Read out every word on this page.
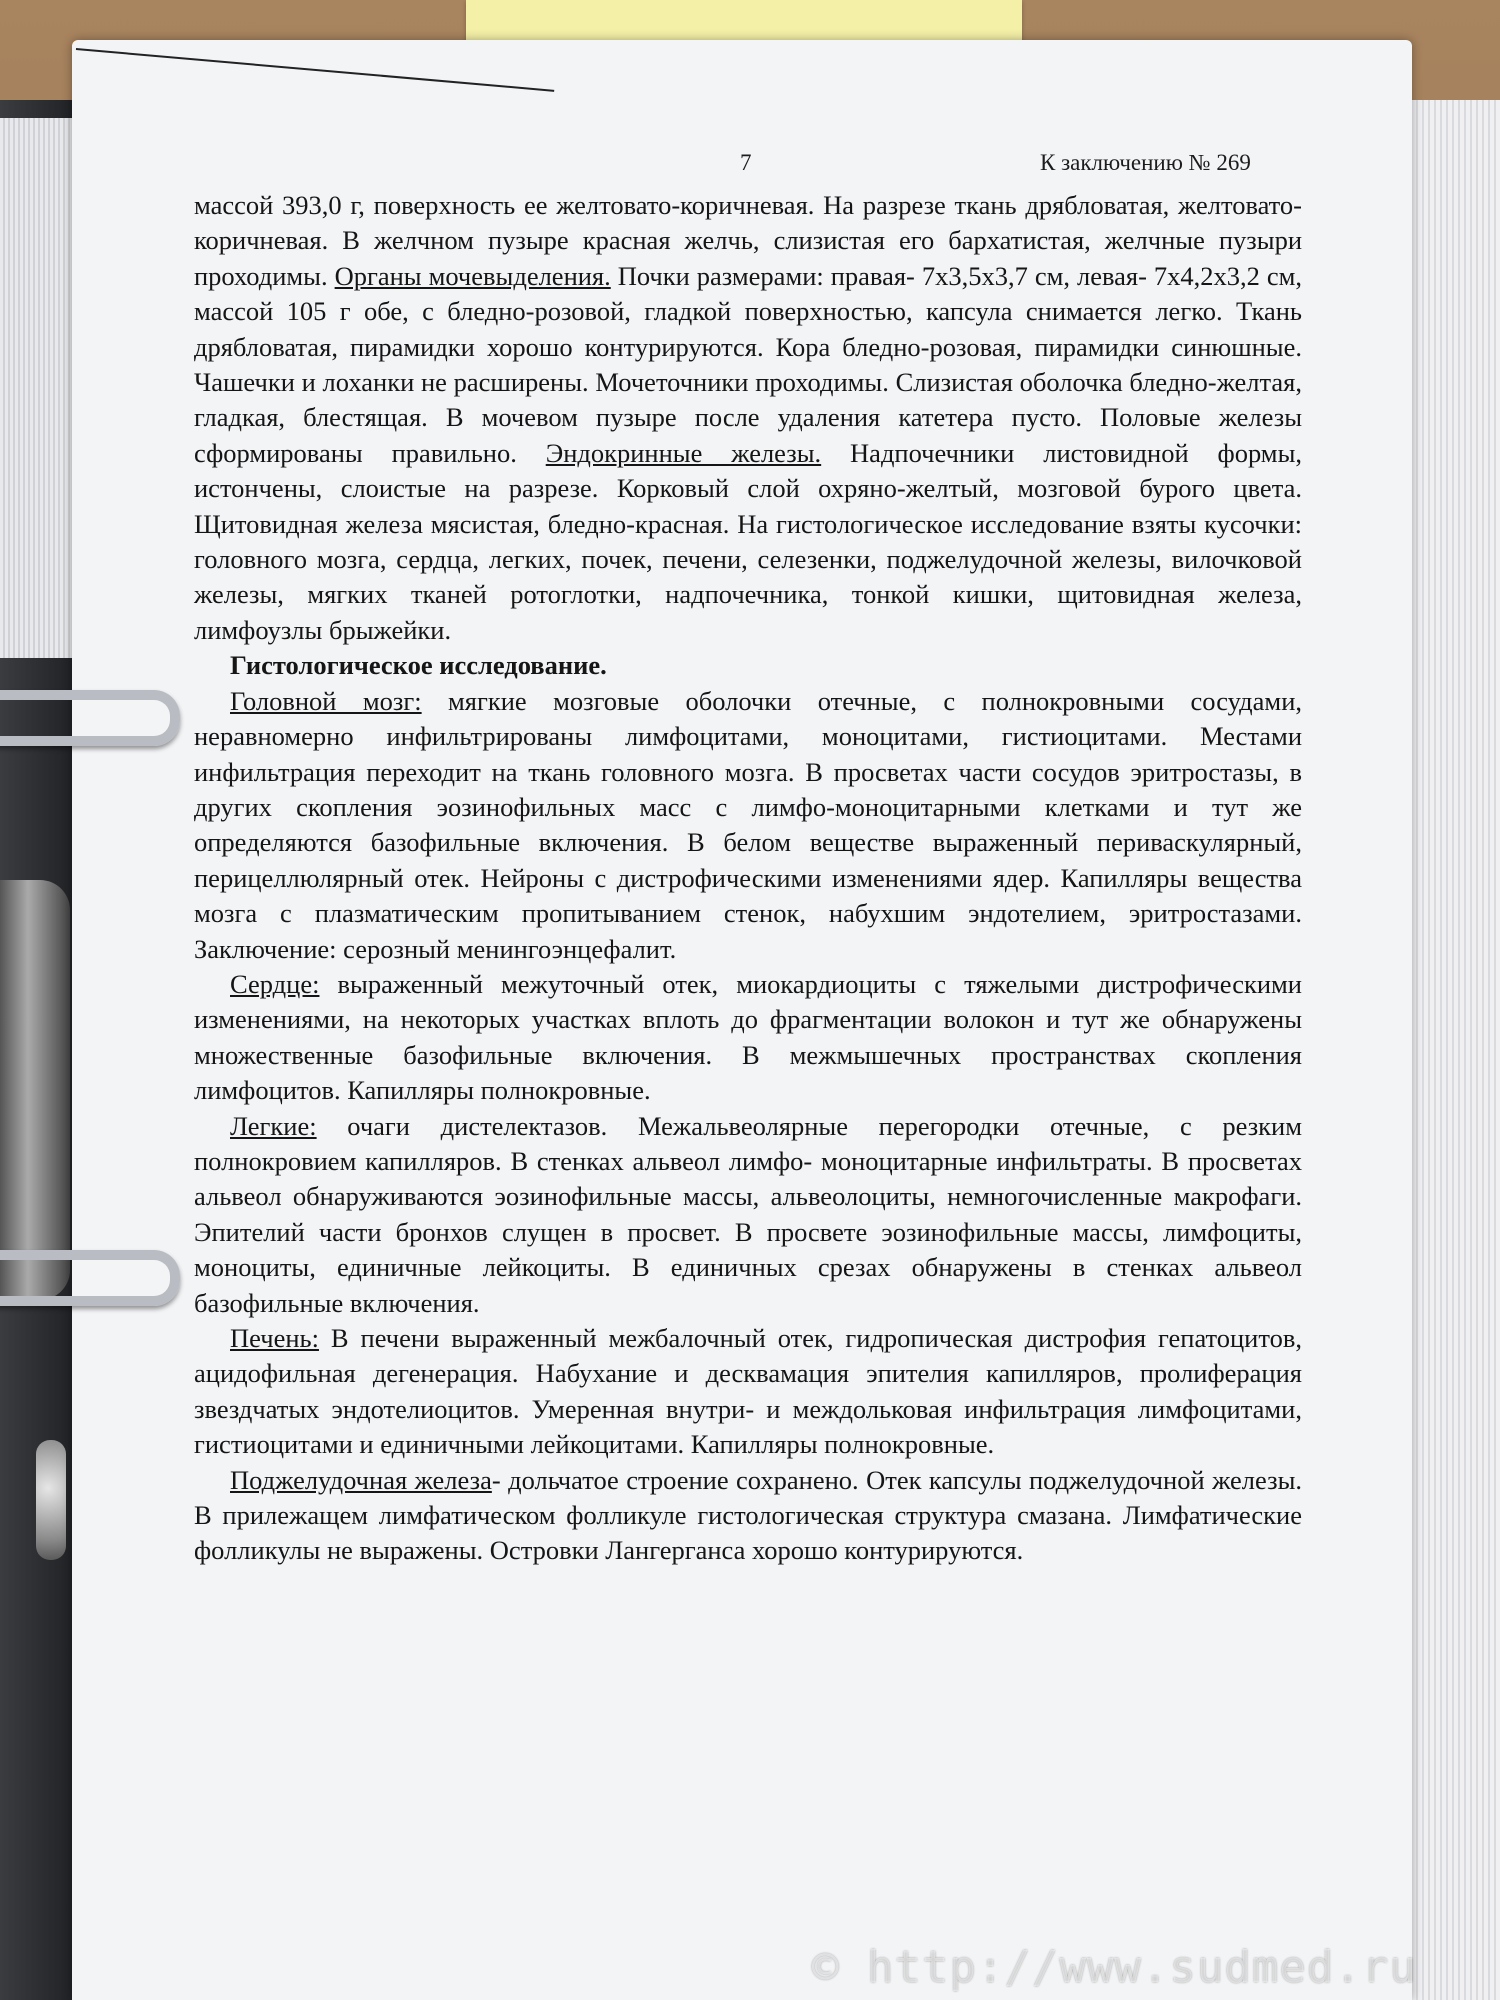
7	К заключению № 269

массой 393,0 г, поверхность ее желтовато-коричневая. На разрезе ткань дрябловатая, желтовато-коричневая. В желчном пузыре красная желчь, слизистая его бархатистая, желчные пузыри проходимы. Органы мочевыделения. Почки размерами: правая- 7х3,5х3,7 см, левая- 7х4,2х3,2 см, массой 105 г обе, с бледно-розовой, гладкой поверхностью, капсула снимается легко. Ткань дрябловатая, пирамидки хорошо контурируются. Кора бледно-розовая, пирамидки синюшные. Чашечки и лоханки не расширены. Мочеточники проходимы. Слизистая оболочка бледно-желтая, гладкая, блестящая. В мочевом пузыре после удаления катетера пусто. Половые железы сформированы правильно. Эндокринные железы. Надпочечники листовидной формы, истончены, слоистые на разрезе. Корковый слой охряно-желтый, мозговой бурого цвета. Щитовидная железа мясистая, бледно-красная. На гистологическое исследование взяты кусочки: головного мозга, сердца, легких, почек, печени, селезенки, поджелудочной железы, вилочковой железы, мягких тканей ротоглотки, надпочечника, тонкой кишки, щитовидная железа, лимфоузлы брыжейки.

Гистологическое исследование.

Головной мозг: мягкие мозговые оболочки отечные, с полнокровными сосудами, неравномерно инфильтрированы лимфоцитами, моноцитами, гистиоцитами. Местами инфильтрация переходит на ткань головного мозга. В просветах части сосудов эритростазы, в других скопления эозинофильных масс с лимфо-моноцитарными клетками и тут же определяются базофильные включения. В белом веществе выраженный периваскулярный, перицеллюлярный отек. Нейроны с дистрофическими изменениями ядер. Капилляры вещества мозга с плазматическим пропитыванием стенок, набухшим эндотелием, эритростазами. Заключение: серозный менингоэнцефалит.

Сердце: выраженный межуточный отек, миокардиоциты с тяжелыми дистрофическими изменениями, на некоторых участках вплоть до фрагментации волокон и тут же обнаружены множественные базофильные включения. В межмышечных пространствах скопления лимфоцитов. Капилляры полнокровные.

Легкие: очаги дистелектазов. Межальвеолярные перегородки отечные, с резким полнокровием капилляров. В стенках альвеол лимфо- моноцитарные инфильтраты. В просветах альвеол обнаруживаются эозинофильные массы, альвеолоциты, немногочисленные макрофаги. Эпителий части бронхов слущен в просвет. В просвете эозинофильные массы, лимфоциты, моноциты, единичные лейкоциты. В единичных срезах обнаружены в стенках альвеол базофильные включения.

Печень: В печени выраженный межбалочный отек, гидропическая дистрофия гепатоцитов, ацидофильная дегенерация. Набухание и десквамация эпителия капилляров, пролиферация звездчатых эндотелиоцитов. Умеренная внутри- и междольковая инфильтрация лимфоцитами, гистиоцитами и единичными лейкоцитами. Капилляры полнокровные.

Поджелудочная железа- дольчатое строение сохранено. Отек капсулы поджелудочной железы. В прилежащем лимфатическом фолликуле гистологическая структура смазана. Лимфатические фолликулы не выражены. Островки Лангерганса хорошо контурируются.

© http://www.sudmed.ru
